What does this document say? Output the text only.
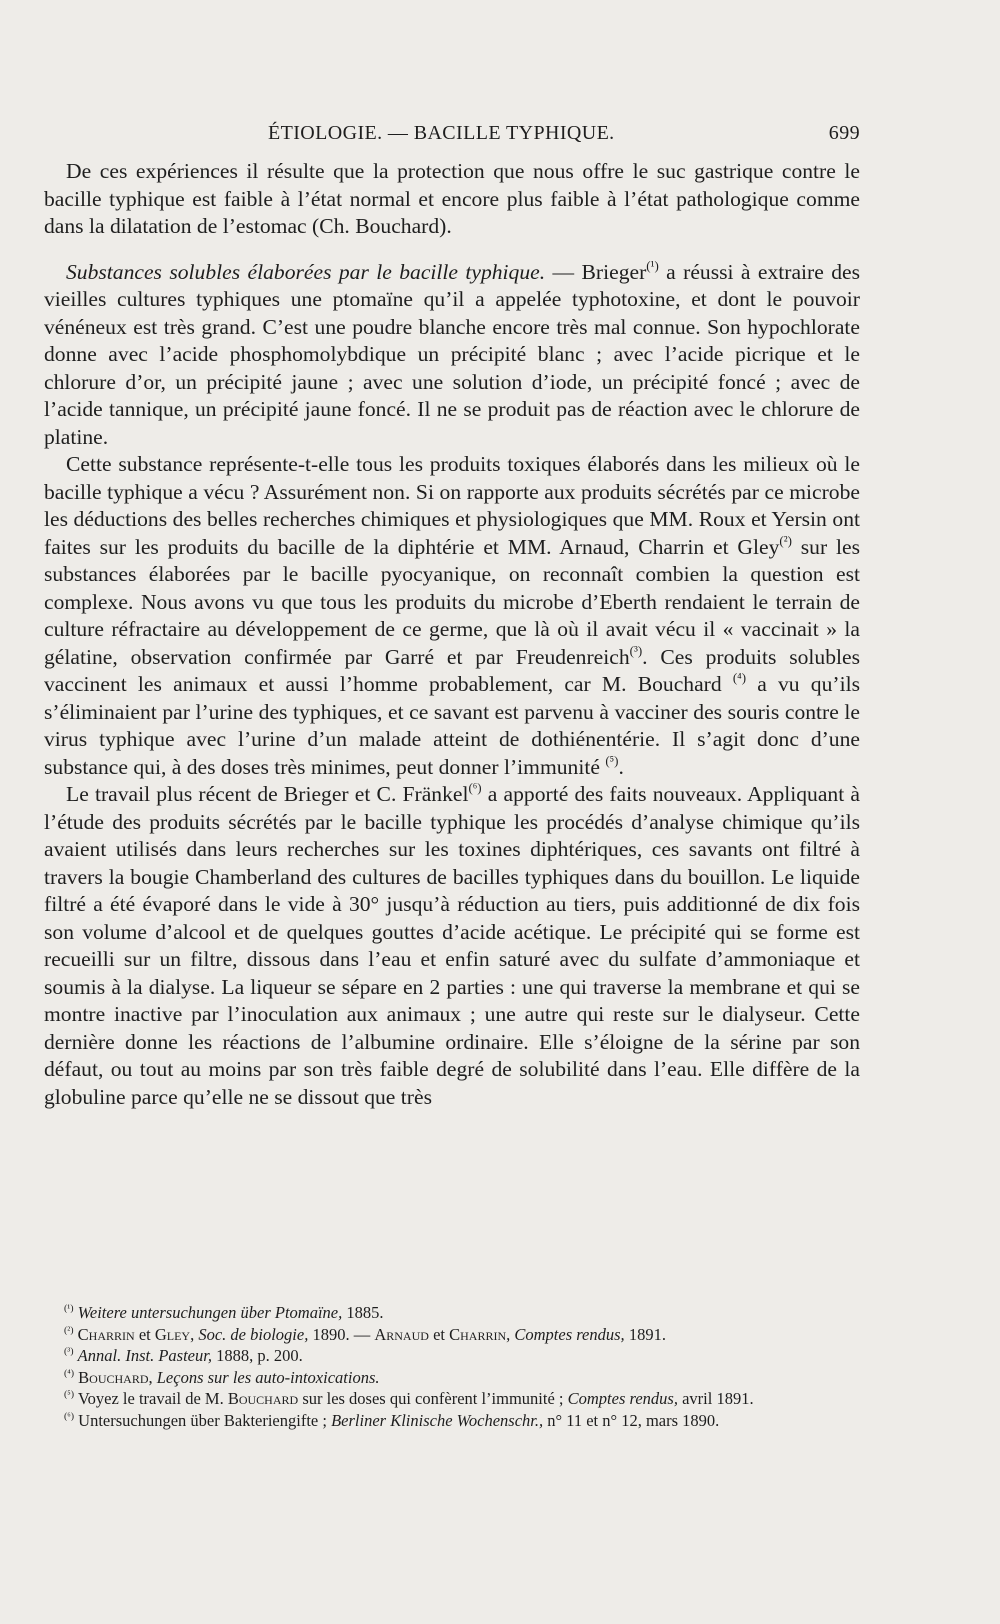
ÉTIOLOGIE. — BACILLE TYPHIQUE.	699

De ces expériences il résulte que la protection que nous offre le suc gastrique contre le bacille typhique est faible à l’état normal et encore plus faible à l’état pathologique comme dans la dilatation de l’estomac (Ch. Bouchard).

Substances solubles élaborées par le bacille typhique. — Brieger$^{(^1)}$ a réussi à extraire des vieilles cultures typhiques une ptomaïne qu’il a appelée typhotoxine, et dont le pouvoir vénéneux est très grand. C’est une poudre blanche encore très mal connue. Son hypochlorate donne avec l’acide phosphomolybdique un précipité blanc ; avec l’acide picrique et le chlorure d’or, un précipité jaune ; avec une solution d’iode, un précipité foncé ; avec de l’acide tannique, un précipité jaune foncé. Il ne se produit pas de réaction avec le chlorure de platine.

Cette substance représente-t-elle tous les produits toxiques élaborés dans les milieux où le bacille typhique a vécu ? Assurément non. Si on rapporte aux produits sécrétés par ce microbe les déductions des belles recherches chimiques et physiologiques que MM. Roux et Yersin ont faites sur les produits du bacille de la diphtérie et MM. Arnaud, Charrin et Gley$^{(^2)}$ sur les substances élaborées par le bacille pyocyanique, on reconnaît combien la question est complexe. Nous avons vu que tous les produits du microbe d’Eberth rendaient le terrain de culture réfractaire au développement de ce germe, que là où il avait vécu il « vaccinait » la gélatine, observation confirmée par Garré et par Freudenreich$^{(^3)}$. Ces produits solubles vaccinent les animaux et aussi l’homme probablement, car M. Bouchard $^{(^4)}$ a vu qu’ils s’éliminaient par l’urine des typhiques, et ce savant est parvenu à vacciner des souris contre le virus typhique avec l’urine d’un malade atteint de dothiénentérie. Il s’agit donc d’une substance qui, à des doses très minimes, peut donner l’immunité $^{(^5)}$.

Le travail plus récent de Brieger et C. Fränkel$^{(^6)}$ a apporté des faits nouveaux. Appliquant à l’étude des produits sécrétés par le bacille typhique les procédés d’analyse chimique qu’ils avaient utilisés dans leurs recherches sur les toxines diphtériques, ces savants ont filtré à travers la bougie Chamberland des cultures de bacilles typhiques dans du bouillon. Le liquide filtré a été évaporé dans le vide à 30° jusqu’à réduction au tiers, puis additionné de dix fois son volume d’alcool et de quelques gouttes d’acide acétique. Le précipité qui se forme est recueilli sur un filtre, dissous dans l’eau et enfin saturé avec du sulfate d’ammoniaque et soumis à la dialyse. La liqueur se sépare en 2 parties : une qui traverse la membrane et qui se montre inactive par l’inoculation aux animaux ; une autre qui reste sur le dialyseur. Cette dernière donne les réactions de l’albumine ordinaire. Elle s’éloigne de la sérine par son défaut, ou tout au moins par son très faible degré de solubilité dans l’eau. Elle diffère de la globuline parce qu’elle ne se dissout que très

$^{(^1)}$ Weitere untersuchungen über Ptomaïne, 1885.

$^{(^2)}$ Charrin et Gley, Soc. de biologie, 1890. — Arnaud et Charrin, Comptes rendus, 1891.

$^{(^3)}$ Annal. Inst. Pasteur, 1888, p. 200.

$^{(^4)}$ Bouchard, Leçons sur les auto-intoxications.

$^{(^5)}$ Voyez le travail de M. Bouchard sur les doses qui confèrent l’immunité ; Comptes rendus, avril 1891.

$^{(^6)}$ Untersuchungen über Bakteriengifte ; Berliner Klinische Wochenschr., n° 11 et n° 12, mars 1890.
